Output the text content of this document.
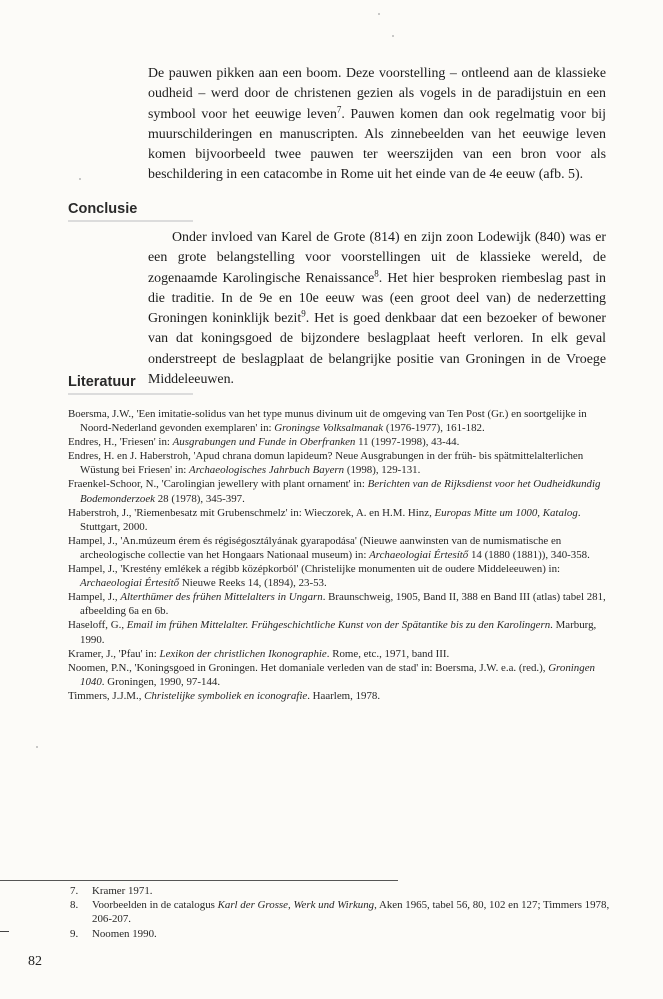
De pauwen pikken aan een boom. Deze voorstelling – ontleend aan de klassieke oudheid – werd door de christenen gezien als vogels in de paradijstuin en een symbool voor het eeuwige leven$^7$. Pauwen komen dan ook regelmatig voor bij muurschilderingen en manuscripten. Als zinnebeelden van het eeuwige leven komen bijvoorbeeld twee pauwen ter weerszijden van een bron voor als beschildering in een catacombe in Rome uit het einde van de 4e eeuw (afb. 5).

Conclusie

Onder invloed van Karel de Grote (814) en zijn zoon Lodewijk (840) was er een grote belangstelling voor voorstellingen uit de klassieke wereld, de zogenaamde Karolingische Renaissance$^8$. Het hier besproken riembeslag past in die traditie. In de 9e en 10e eeuw was (een groot deel van) de nederzetting Groningen koninklijk bezit$^9$. Het is goed denkbaar dat een bezoeker of bewoner van dat koningsgoed de bijzondere beslagplaat heeft verloren. In elk geval onderstreept de beslagplaat de belangrijke positie van Groningen in de Vroege Middeleeuwen.

Literatuur
Boersma, J.W., 'Een imitatie-solidus van het type munus divinum uit de omgeving van Ten Post (Gr.) en soortgelijke in Noord-Nederland gevonden exemplaren' in: Groningse Volksalmanak (1976-1977), 161-182.
Endres, H., 'Friesen' in: Ausgrabungen und Funde in Oberfranken 11 (1997-1998), 43-44.
Endres, H. en J. Haberstroh, 'Apud chrana domun lapideum? Neue Ausgrabungen in der früh- bis spätmittelalterlichen Wüstung bei Friesen' in: Archaeologisches Jahrbuch Bayern (1998), 129-131.
Fraenkel-Schoor, N., 'Carolingian jewellery with plant ornament' in: Berichten van de Rijksdienst voor het Oudheidkundig Bodemonderzoek 28 (1978), 345-397.
Haberstroh, J., 'Riemenbesatz mit Grubenschmelz' in: Wieczorek, A. en H.M. Hinz, Europas Mitte um 1000, Katalog. Stuttgart, 2000.
Hampel, J., 'An.múzeum érem és régiségosztályának gyarapodása' (Nieuwe aanwinsten van de numismatische en archeologische collectie van het Hongaars Nationaal museum) in: Archaeologiai Értesítő 14 (1880 (1881)), 340-358.
Hampel, J., 'Krestény emlékek a régibb középkorból' (Christelijke monumenten uit de oudere Middeleeuwen) in: Archaeologiai Értesítő Nieuwe Reeks 14, (1894), 23-53.
Hampel, J., Alterthümer des frühen Mittelalters in Ungarn. Braunschweig, 1905, Band II, 388 en Band III (atlas) tabel 281, afbeelding 6a en 6b.
Haseloff, G., Email im frühen Mittelalter. Frühgeschichtliche Kunst von der Spätantike bis zu den Karolingern. Marburg, 1990.
Kramer, J., 'Pfau' in: Lexikon der christlichen Ikonographie. Rome, etc., 1971, band III.
Noomen, P.N., 'Koningsgoed in Groningen. Het domaniale verleden van de stad' in: Boersma, J.W. e.a. (red.), Groningen 1040. Groningen, 1990, 97-144.
Timmers, J.J.M., Christelijke symboliek en iconografie. Haarlem, 1978.
7.	Kramer 1971.
8.	Voorbeelden in de catalogus Karl der Grosse, Werk und Wirkung, Aken 1965, tabel 56, 80, 102 en 127; Timmers 1978, 206-207.
9.	Noomen 1990.
82
